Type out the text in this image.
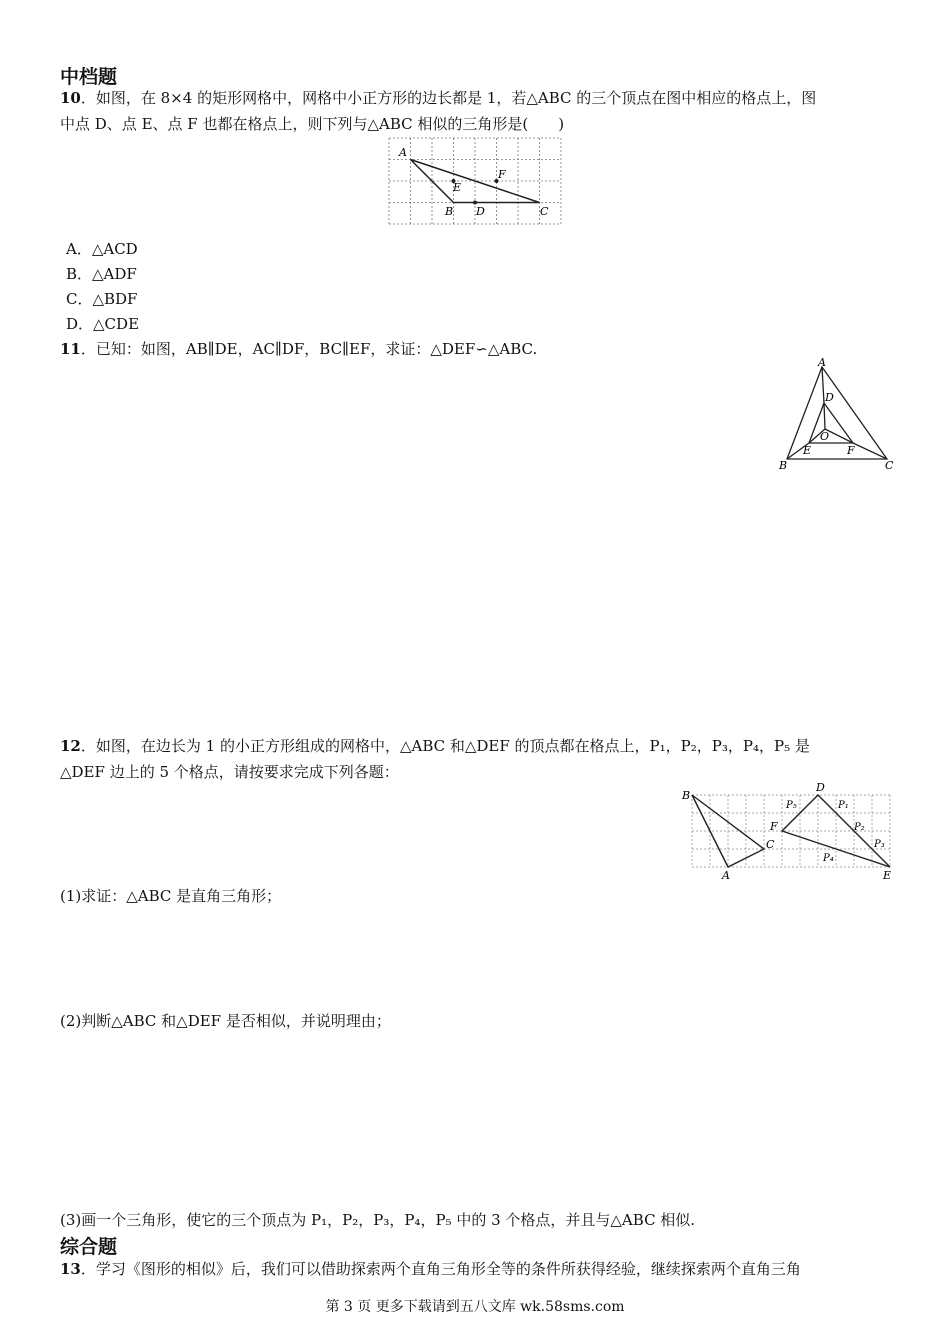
中档题
10．如图，在 8×4 的矩形网格中，网格中小正方形的边长都是 1，若△ABC 的三个顶点在图中相应的格点上，图
中点 D、点 E、点 F 也都在格点上，则下列与△ABC 相似的三角形是(　　)
A
B	C
D
E
F
A．△ACD
B．△ADF
C．△BDF
D．△CDE
11．已知：如图，AB∥DE，AC∥DF，BC∥EF，求证：△DEF∽△ABC.
A
B	C
D
E	F
O
12．如图，在边长为 1 的小正方形组成的网格中，△ABC 和△DEF 的顶点都在格点上，P₁，P₂，P₃，P₄，P₅ 是
△DEF 边上的 5 个格点，请按要求完成下列各题：
B
A
C
D
F
E
P₅	P₁
P₂
P₃
P₄
(1)求证：△ABC 是直角三角形；
(2)判断△ABC 和△DEF 是否相似，并说明理由；
(3)画一个三角形，使它的三个顶点为 P₁，P₂，P₃，P₄，P₅ 中的 3 个格点，并且与△ABC 相似.
综合题
13．学习《图形的相似》后，我们可以借助探索两个直角三角形全等的条件所获得经验，继续探索两个直角三角
第 3 页 更多下载请到五八文库 wk.58sms.com
